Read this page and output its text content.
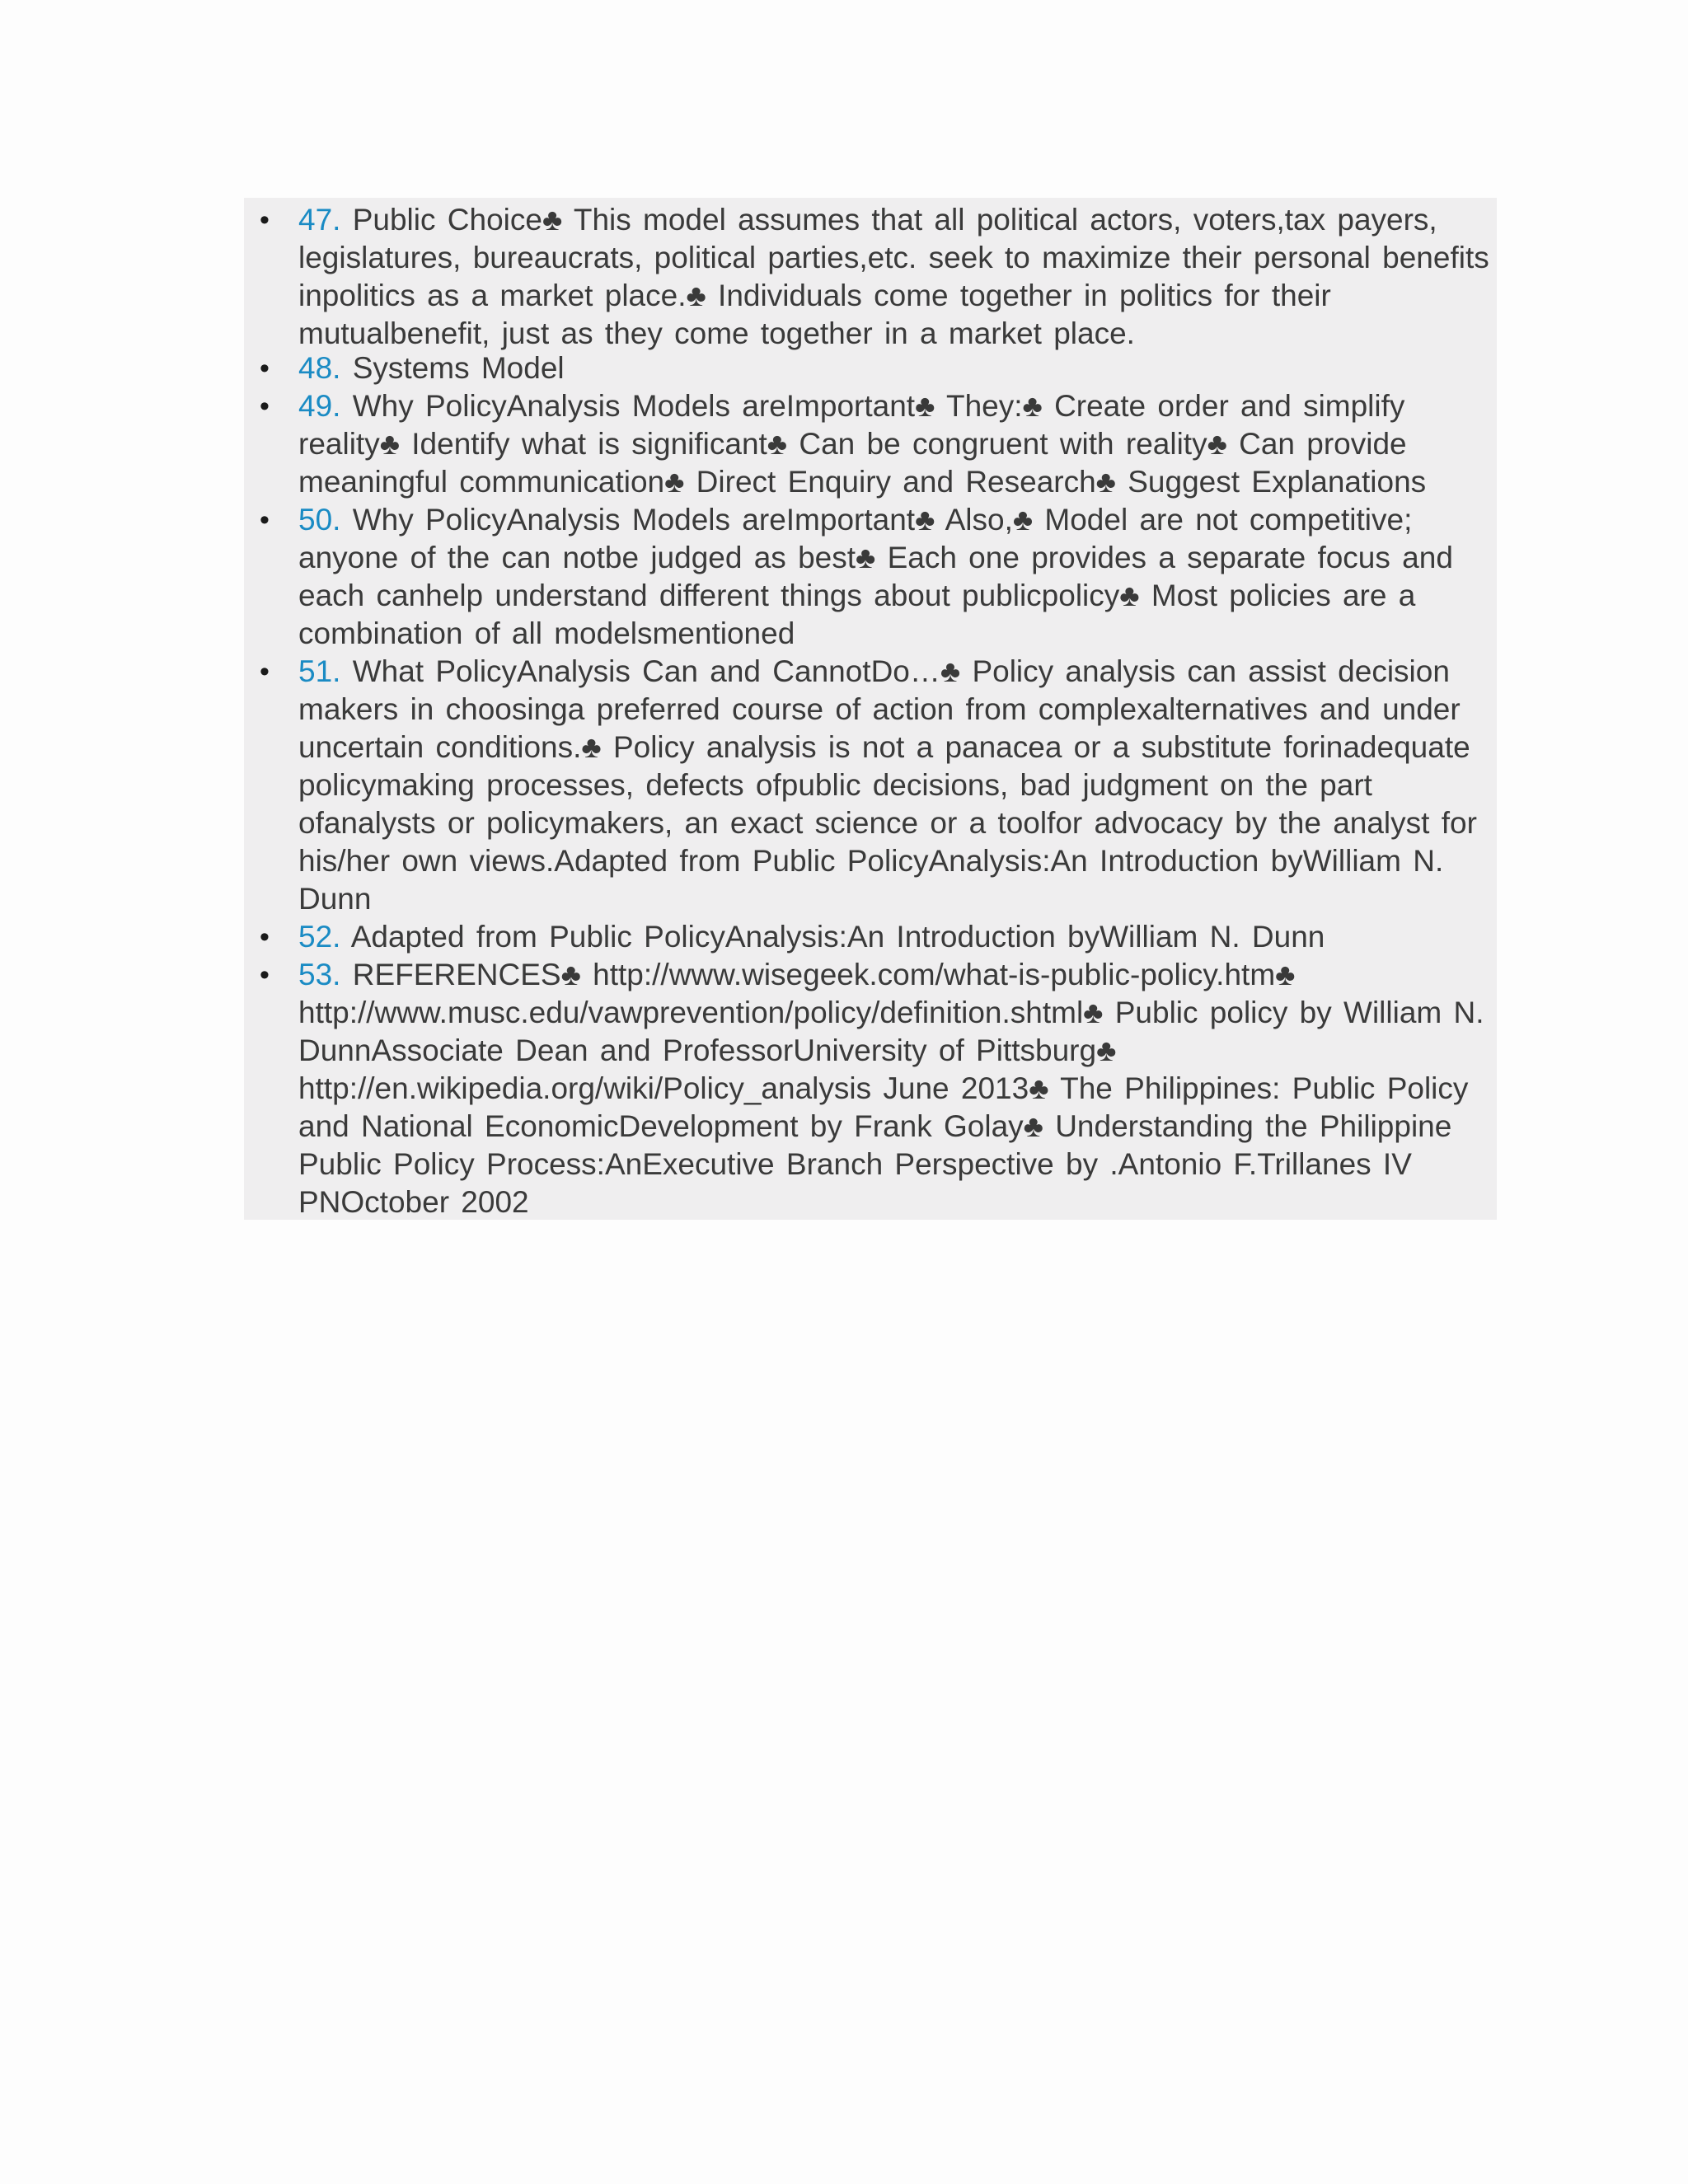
• 47. Public Choice♣ This model assumes that all political actors, voters,tax payers, legislatures, bureaucrats, political parties,etc. seek to maximize their personal benefits inpolitics as a market place.♣ Individuals come together in politics for their mutualbenefit, just as they come together in a market place.
• 48. Systems Model
• 49. Why PolicyAnalysis Models areImportant♣ They:♣ Create order and simplify reality♣ Identify what is significant♣ Can be congruent with reality♣ Can provide meaningful communication♣ Direct Enquiry and Research♣ Suggest Explanations
• 50. Why PolicyAnalysis Models areImportant♣ Also,♣ Model are not competitive; anyone of the can notbe judged as best♣ Each one provides a separate focus and each canhelp understand different things about publicpolicy♣ Most policies are a combination of all modelsmentioned
• 51. What PolicyAnalysis Can and CannotDo…♣ Policy analysis can assist decision makers in choosinga preferred course of action from complexalternatives and under uncertain conditions.♣ Policy analysis is not a panacea or a substitute forinadequate policymaking processes, defects ofpublic decisions, bad judgment on the part ofanalysts or policymakers, an exact science or a toolfor advocacy by the analyst for his/her own views.Adapted from Public PolicyAnalysis:An Introduction byWilliam N. Dunn
• 52. Adapted from Public PolicyAnalysis:An Introduction byWilliam N. Dunn
• 53. REFERENCES♣ http://www.wisegeek.com/what-is-public-policy.htm♣ http://www.musc.edu/vawprevention/policy/definition.shtml♣ Public policy by William N. DunnAssociate Dean and ProfessorUniversity of Pittsburg♣ http://en.wikipedia.org/wiki/Policy_analysis June 2013♣ The Philippines: Public Policy and National EconomicDevelopment by Frank Golay♣ Understanding the Philippine Public Policy Process:AnExecutive Branch Perspective by .Antonio F.Trillanes IV PNOctober 2002
